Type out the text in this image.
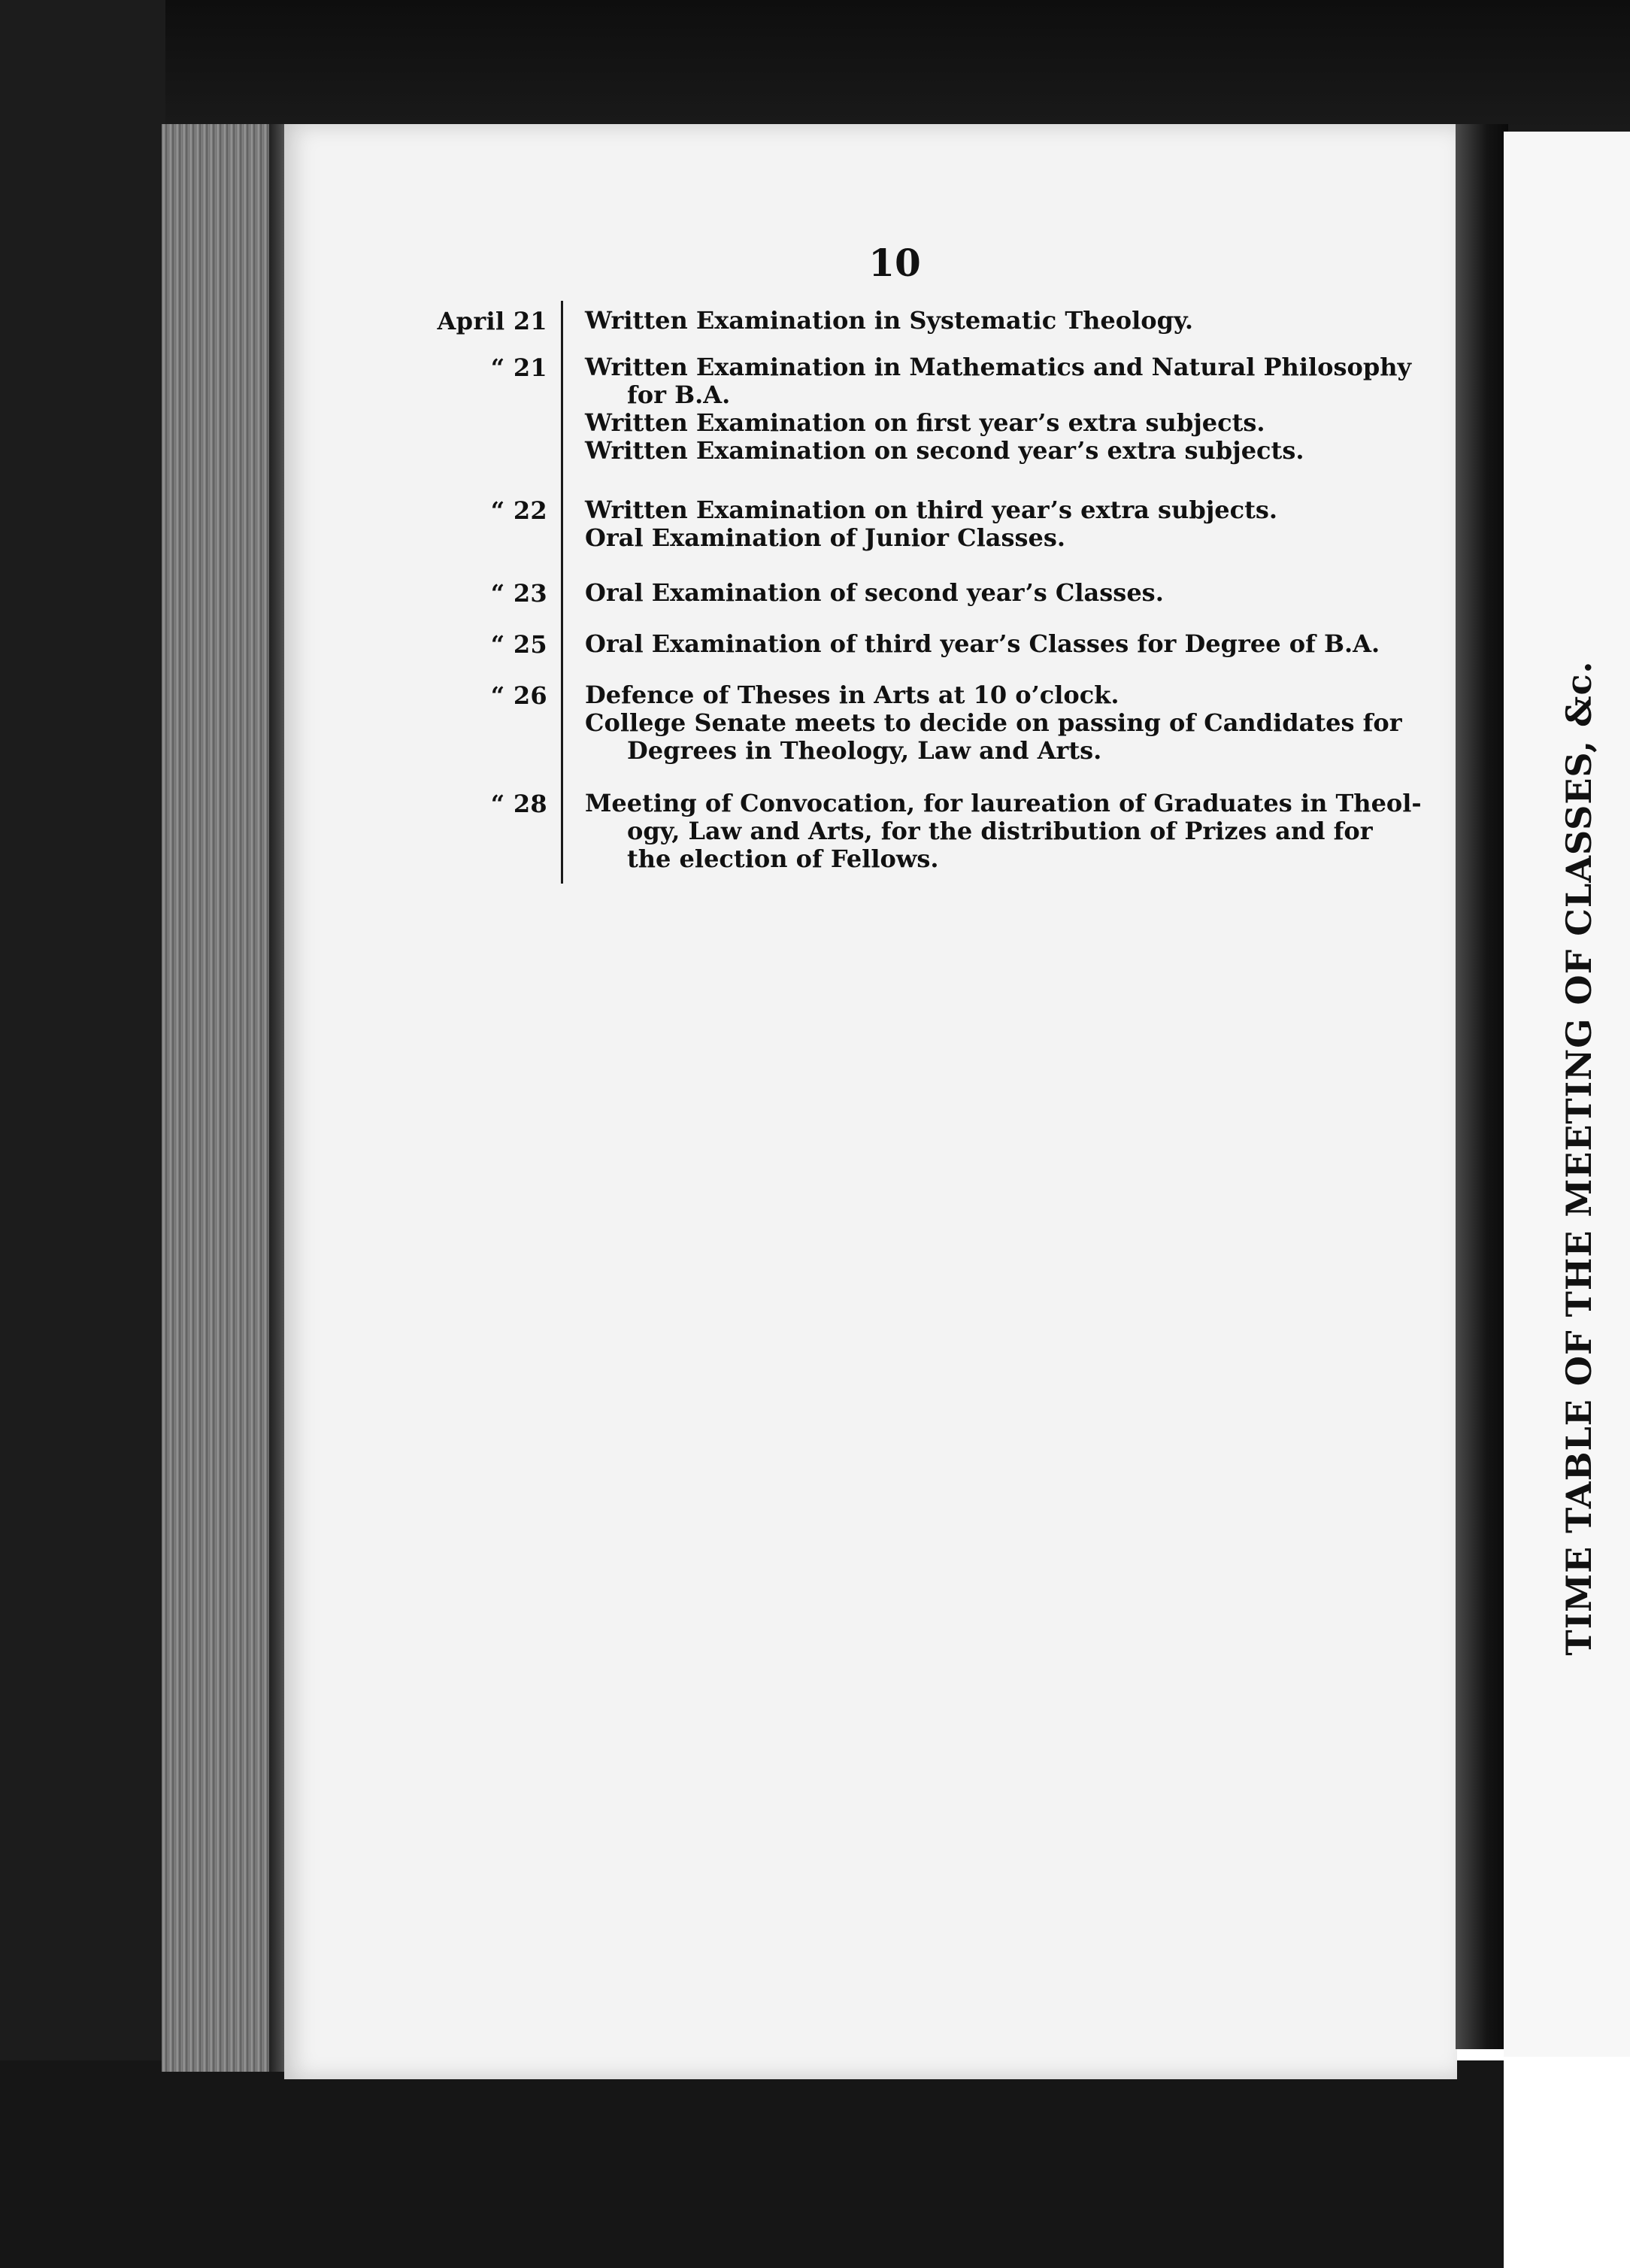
10
April 21 Written Examination in Systematic Theology.
“ 21 Written Examination in Mathematics and Natural Philosophy
for B.A.
Written Examination on first year’s extra subjects.
Written Examination on second year’s extra subjects.
“ 22 Written Examination on third year’s extra subjects.
Oral Examination of Junior Classes.
“ 23 Oral Examination of second year’s Classes.
“ 25 Oral Examination of third year’s Classes for Degree of B.A.
“ 26 Defence of Theses in Arts at 10 o’clock.
College Senate meets to decide on passing of Candidates for
Degrees in Theology, Law and Arts.
“ 28 Meeting of Convocation, for laureation of Graduates in Theol-
ogy, Law and Arts, for the distribution of Prizes and for
the election of Fellows.	TIME TABLE OF THE MEETING OF CLASSES, &c.
